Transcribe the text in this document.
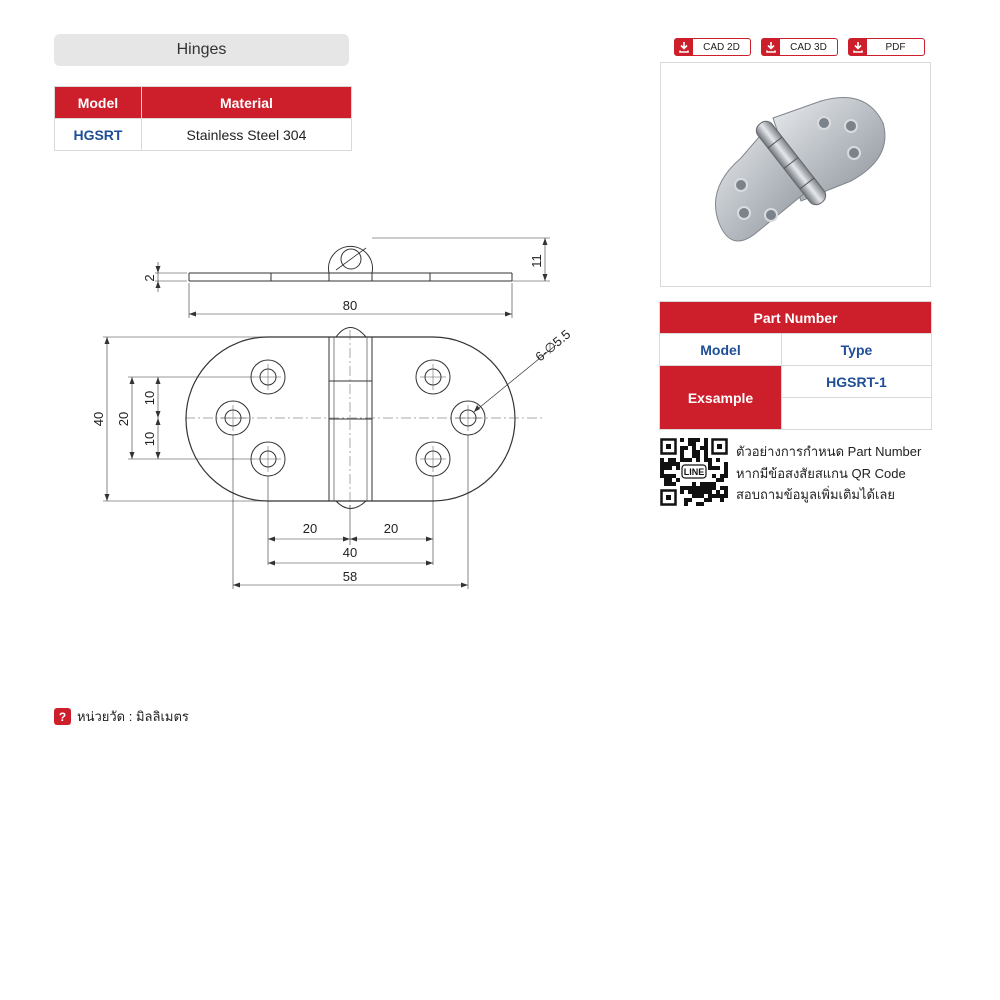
Hinges
Model	Material
HGSRT	Stainless Steel 304
CAD 2D	CAD 3D	PDF
Part Number	
Model	Type
Exsample	HGSRT-1

LINE
ตัวอย่างการกำหนด Part Number
หากมีข้อสงสัยสแกน QR Code
สอบถามข้อมูลเพิ่มเติมได้เลย
? หน่วยวัด : มิลลิเมตร
2
11
80
6-∅5.5
40 20
10
10
20	20
40
58
